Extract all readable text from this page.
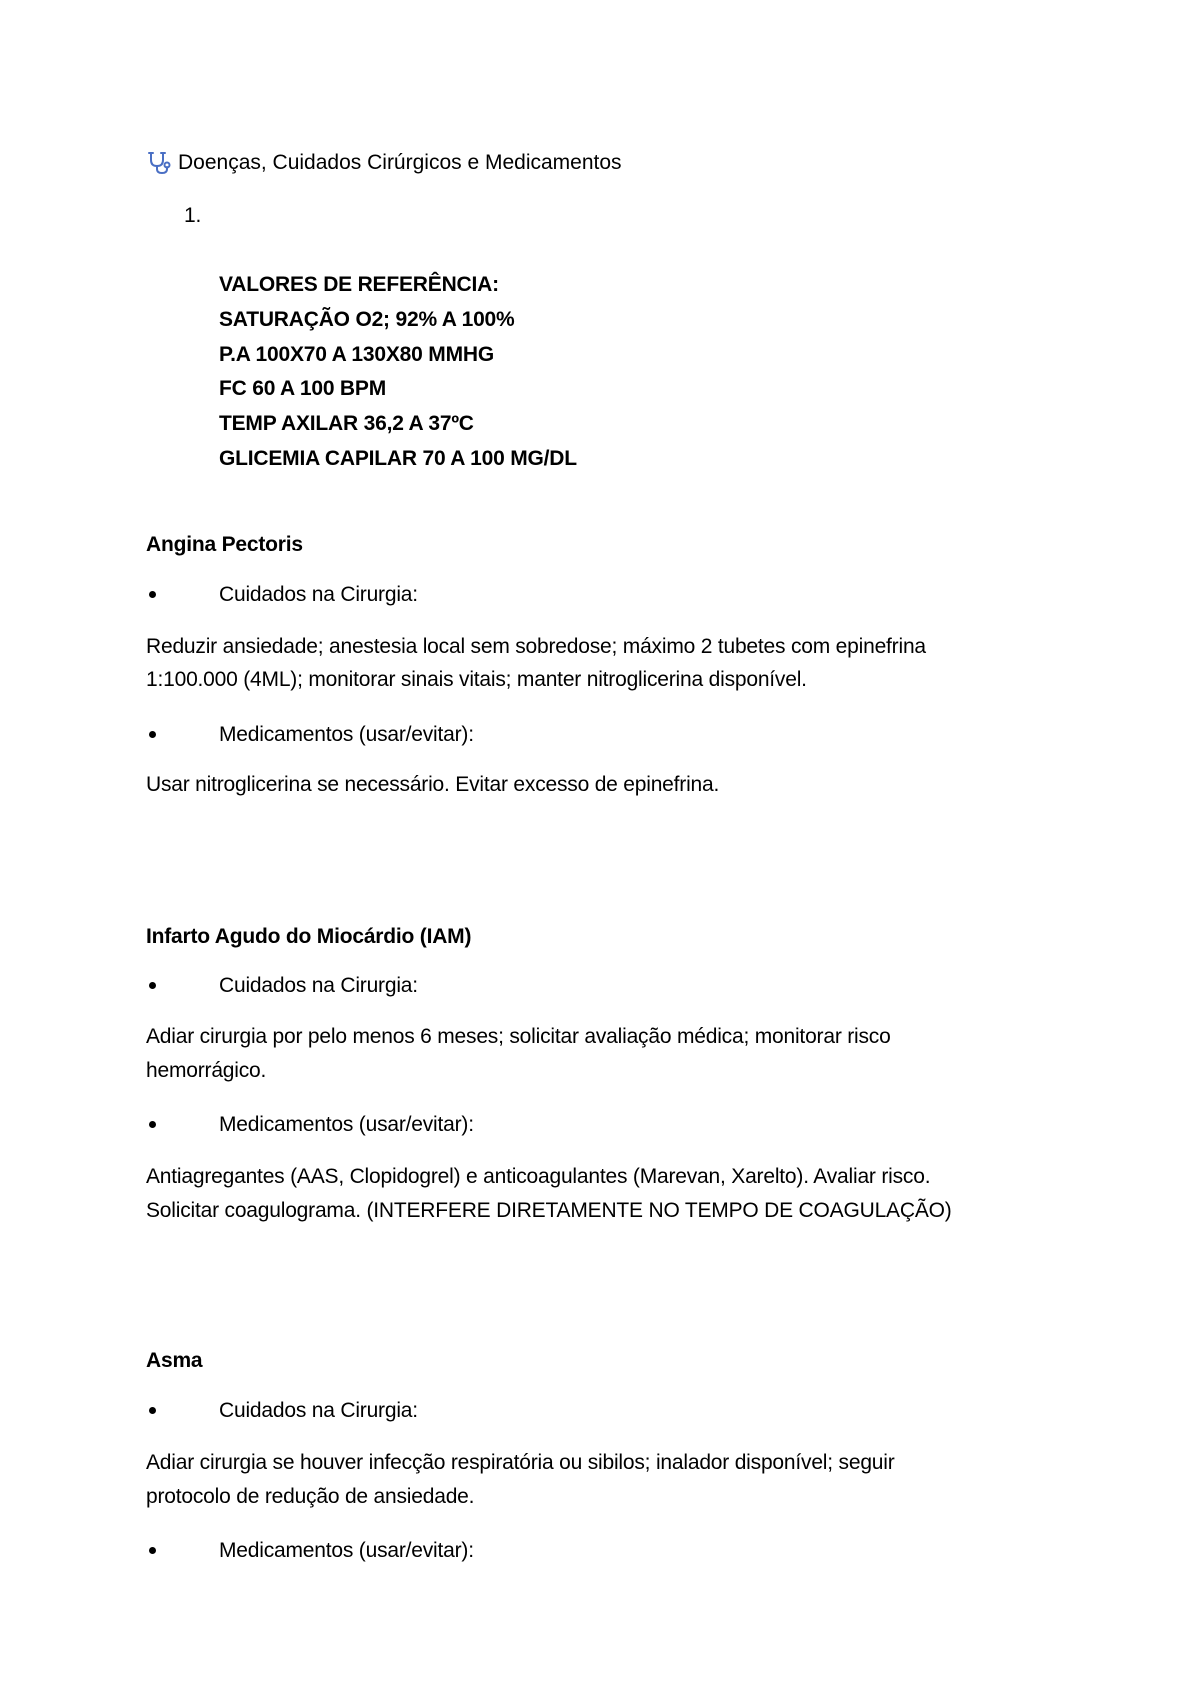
Doenças, Cuidados Cirúrgicos e Medicamentos
1.
VALORES DE REFERÊNCIA:
SATURAÇÃO O2; 92% A 100%
P.A 100X70 A 130X80 MMHG
FC 60 A 100 BPM
TEMP AXILAR 36,2 A 37ºC
GLICEMIA CAPILAR 70 A 100 MG/DL
Angina Pectoris
Cuidados na Cirurgia:
Reduzir ansiedade; anestesia local sem sobredose; máximo 2 tubetes com epinefrina
1:100.000 (4ML); monitorar sinais vitais; manter nitroglicerina disponível.
Medicamentos (usar/evitar):
Usar nitroglicerina se necessário. Evitar excesso de epinefrina.
Infarto Agudo do Miocárdio (IAM)
Cuidados na Cirurgia:
Adiar cirurgia por pelo menos 6 meses; solicitar avaliação médica; monitorar risco
hemorrágico.
Medicamentos (usar/evitar):
Antiagregantes (AAS, Clopidogrel) e anticoagulantes (Marevan, Xarelto). Avaliar risco.
Solicitar coagulograma. (INTERFERE DIRETAMENTE NO TEMPO DE COAGULAÇÃO)
Asma
Cuidados na Cirurgia:
Adiar cirurgia se houver infecção respiratória ou sibilos; inalador disponível; seguir
protocolo de redução de ansiedade.
Medicamentos (usar/evitar):
